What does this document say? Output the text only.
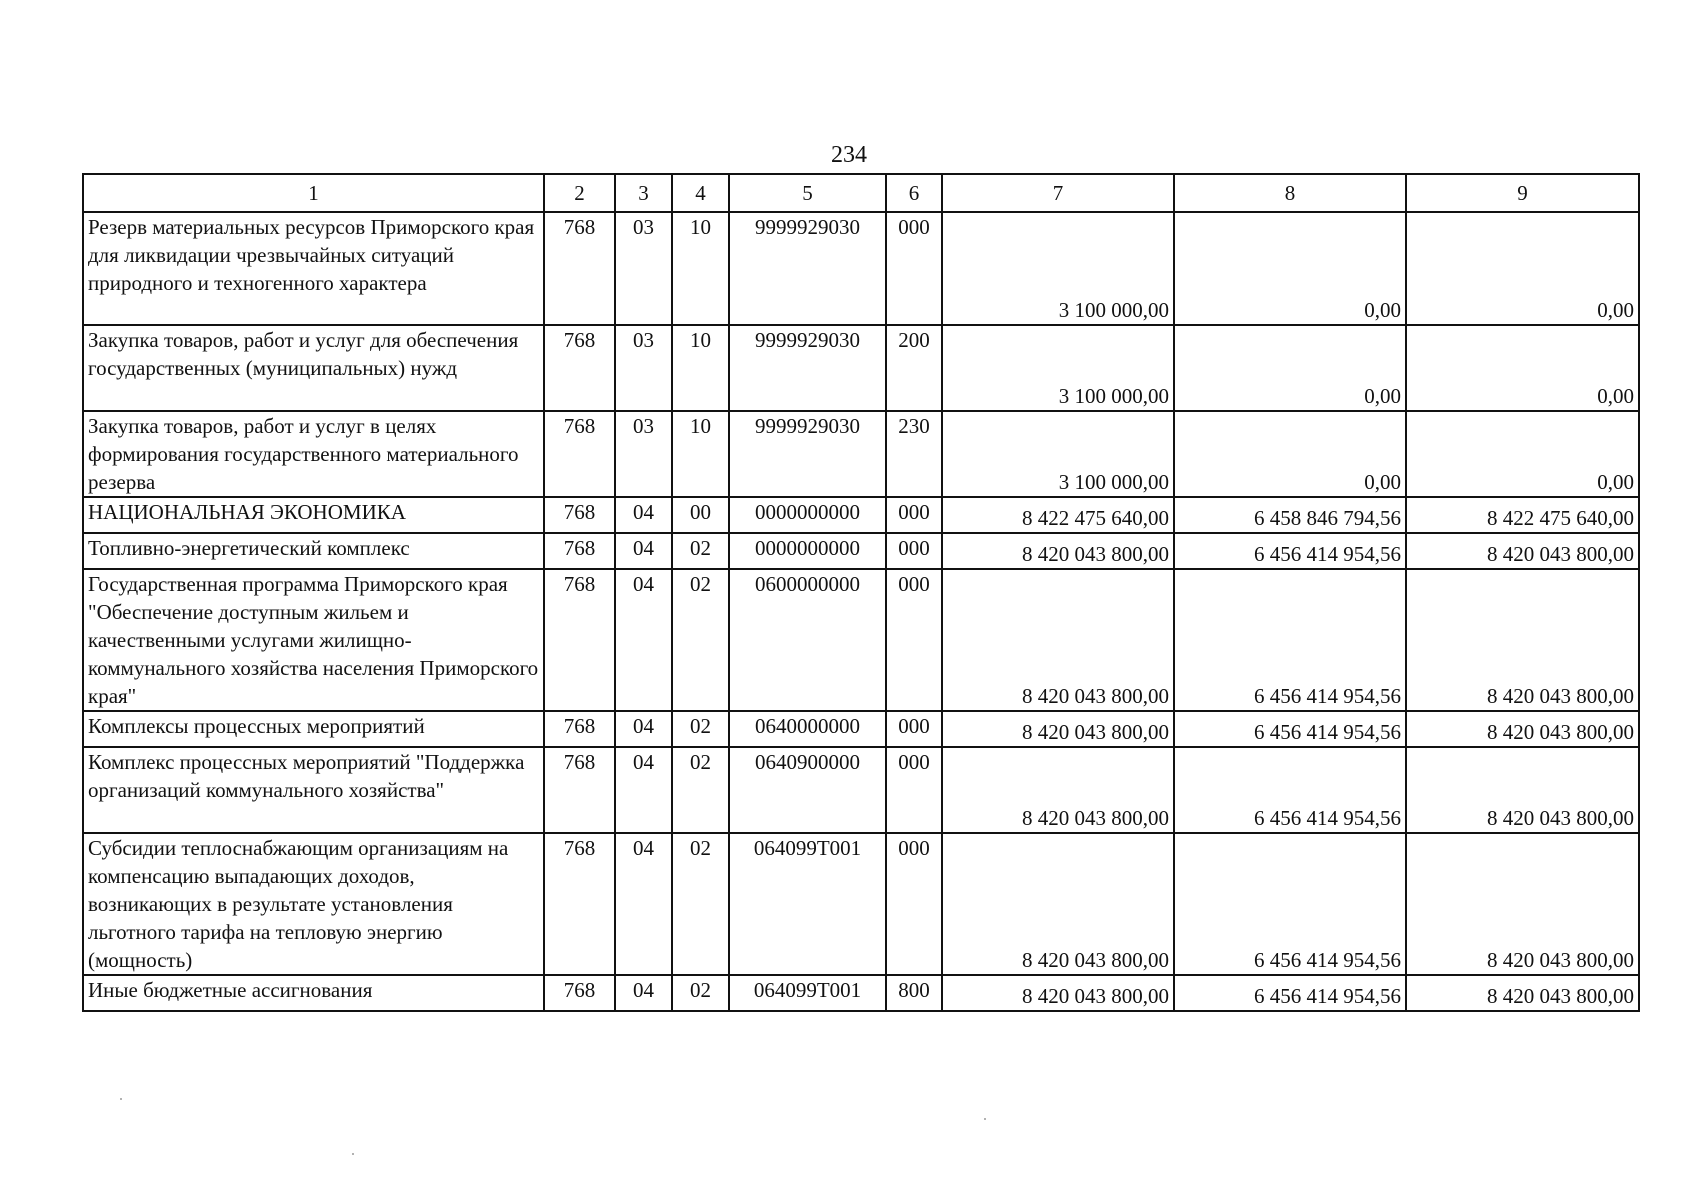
234
1	2	3	4	5	6	7	8	9
Резерв материальных ресурсов Приморского края для ликвидации чрезвычайных ситуаций природного и техногенного характера	768	03	10	9999929030	000	3 100 000,00	0,00	0,00
Закупка товаров, работ и услуг для обеспечения государственных (муниципальных) нужд	768	03	10	9999929030	200	3 100 000,00	0,00	0,00
Закупка товаров, работ и услуг в целях формирования государственного материального резерва	768	03	10	9999929030	230	3 100 000,00	0,00	0,00
НАЦИОНАЛЬНАЯ ЭКОНОМИКА	768	04	00	0000000000	000	8 422 475 640,00	6 458 846 794,56	8 422 475 640,00
Топливно-энергетический комплекс	768	04	02	0000000000	000	8 420 043 800,00	6 456 414 954,56	8 420 043 800,00
Государственная программа Приморского края "Обеспечение доступным жильем и качественными услугами жилищно-коммунального хозяйства населения Приморского края"	768	04	02	0600000000	000	8 420 043 800,00	6 456 414 954,56	8 420 043 800,00
Комплексы процессных мероприятий	768	04	02	0640000000	000	8 420 043 800,00	6 456 414 954,56	8 420 043 800,00
Комплекс процессных мероприятий "Поддержка организаций коммунального хозяйства"	768	04	02	0640900000	000	8 420 043 800,00	6 456 414 954,56	8 420 043 800,00
Субсидии теплоснабжающим организациям на компенсацию выпадающих доходов, возникающих в результате установления льготного тарифа на тепловую энергию (мощность)	768	04	02	064099Т001	000	8 420 043 800,00	6 456 414 954,56	8 420 043 800,00
Иные бюджетные ассигнования	768	04	02	064099Т001	800	8 420 043 800,00	6 456 414 954,56	8 420 043 800,00
